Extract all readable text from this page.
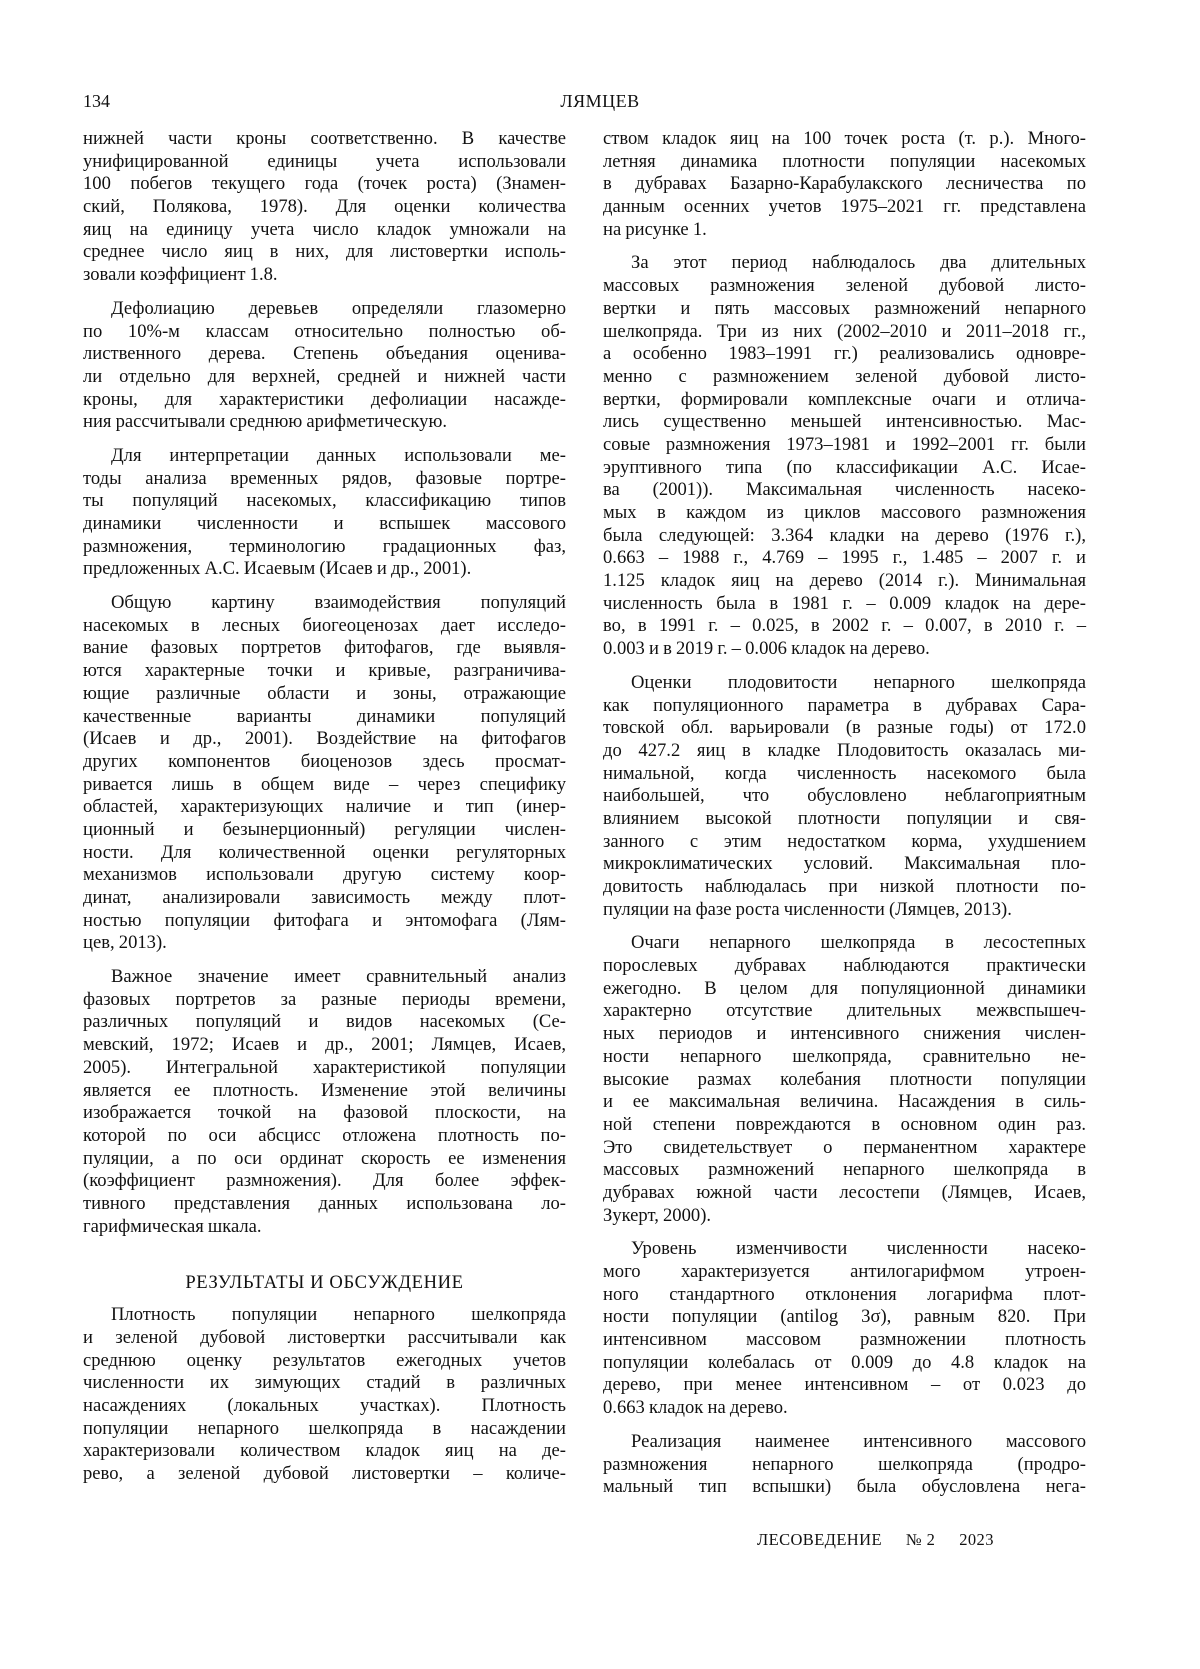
134	ЛЯМЦЕВ
нижней части кроны соответственно. В качестве
унифицированной единицы учета использовали
100 побегов текущего года (точек роста) (Знамен-
ский, Полякова, 1978). Для оценки количества
яиц на единицу учета число кладок умножали на
среднее число яиц в них, для листовертки исполь-
зовали коэффициент 1.8.
Дефолиацию деревьев определяли глазомерно
по 10%-м классам относительно полностью об-
лиственного дерева. Степень объедания оценива-
ли отдельно для верхней, средней и нижней части
кроны, для характеристики дефолиации насажде-
ния рассчитывали среднюю арифметическую.
Для интерпретации данных использовали ме-
тоды анализа временных рядов, фазовые портре-
ты популяций насекомых, классификацию типов
динамики численности и вспышек массового
размножения, терминологию градационных фаз,
предложенных А.С. Исаевым (Исаев и др., 2001).
Общую картину взаимодействия популяций
насекомых в лесных биогеоценозах дает исследо-
вание фазовых портретов фитофагов, где выявля-
ются характерные точки и кривые, разграничива-
ющие различные области и зоны, отражающие
качественные варианты динамики популяций
(Исаев и др., 2001). Воздействие на фитофагов
других компонентов биоценозов здесь просмат-
ривается лишь в общем виде – через специфику
областей, характеризующих наличие и тип (инер-
ционный и безынерционный) регуляции числен-
ности. Для количественной оценки регуляторных
механизмов использовали другую систему коор-
динат, анализировали зависимость между плот-
ностью популяции фитофага и энтомофага (Лям-
цев, 2013).
Важное значение имеет сравнительный анализ
фазовых портретов за разные периоды времени,
различных популяций и видов насекомых (Се-
мевский, 1972; Исаев и др., 2001; Лямцев, Исаев,
2005). Интегральной характеристикой популяции
является ее плотность. Изменение этой величины
изображается точкой на фазовой плоскости, на
которой по оси абсцисс отложена плотность по-
пуляции, а по оси ординат скорость ее изменения
(коэффициент размножения). Для более эффек-
тивного представления данных использована ло-
гарифмическая шкала.
РЕЗУЛЬТАТЫ И ОБСУЖДЕНИЕ
Плотность популяции непарного шелкопряда
и зеленой дубовой листовертки рассчитывали как
среднюю оценку результатов ежегодных учетов
численности их зимующих стадий в различных
насаждениях (локальных участках). Плотность
популяции непарного шелкопряда в насаждении
характеризовали количеством кладок яиц на де-
рево, а зеленой дубовой листовертки – количе-
ством кладок яиц на 100 точек роста (т. р.). Много-
летняя динамика плотности популяции насекомых
в дубравах Базарно-Карабулакского лесничества по
данным осенних учетов 1975–2021 гг. представлена
на рисунке 1.
За этот период наблюдалось два длительных
массовых размножения зеленой дубовой листо-
вертки и пять массовых размножений непарного
шелкопряда. Три из них (2002–2010 и 2011–2018 гг.,
а особенно 1983–1991 гг.) реализовались одновре-
менно с размножением зеленой дубовой листо-
вертки, формировали комплексные очаги и отлича-
лись существенно меньшей интенсивностью. Мас-
совые размножения 1973–1981 и 1992–2001 гг. были
эруптивного типа (по классификации А.С. Исае-
ва (2001)). Максимальная численность насеко-
мых в каждом из циклов массового размножения
была следующей: 3.364 кладки на дерево (1976 г.),
0.663 – 1988 г., 4.769 – 1995 г., 1.485 – 2007 г. и
1.125 кладок яиц на дерево (2014 г.). Минимальная
численность была в 1981 г. – 0.009 кладок на дере-
во, в 1991 г. – 0.025, в 2002 г. – 0.007, в 2010 г. –
0.003 и в 2019 г. – 0.006 кладок на дерево.
Оценки плодовитости непарного шелкопряда
как популяционного параметра в дубравах Сара-
товской обл. варьировали (в разные годы) от 172.0
до 427.2 яиц в кладке Плодовитость оказалась ми-
нимальной, когда численность насекомого была
наибольшей, что обусловлено неблагоприятным
влиянием высокой плотности популяции и свя-
занного с этим недостатком корма, ухудшением
микроклиматических условий. Максимальная пло-
довитость наблюдалась при низкой плотности по-
пуляции на фазе роста численности (Лямцев, 2013).
Очаги непарного шелкопряда в лесостепных
порослевых дубравах наблюдаются практически
ежегодно. В целом для популяционной динамики
характерно отсутствие длительных межвспышеч-
ных периодов и интенсивного снижения числен-
ности непарного шелкопряда, сравнительно не-
высокие размах колебания плотности популяции
и ее максимальная величина. Насаждения в силь-
ной степени повреждаются в основном один раз.
Это свидетельствует о перманентном характере
массовых размножений непарного шелкопряда в
дубравах южной части лесостепи (Лямцев, Исаев,
Зукерт, 2000).
Уровень изменчивости численности насеко-
мого характеризуется антилогарифмом утроен-
ного стандартного отклонения логарифма плот-
ности популяции (antilog 3σ), равным 820. При
интенсивном массовом размножении плотность
популяции колебалась от 0.009 до 4.8 кладок на
дерево, при менее интенсивном – от 0.023 до
0.663 кладок на дерево.
Реализация наименее интенсивного массового
размножения непарного шелкопряда (продро-
мальный тип вспышки) была обусловлена нега-
ЛЕСОВЕДЕНИЕ № 2 2023
